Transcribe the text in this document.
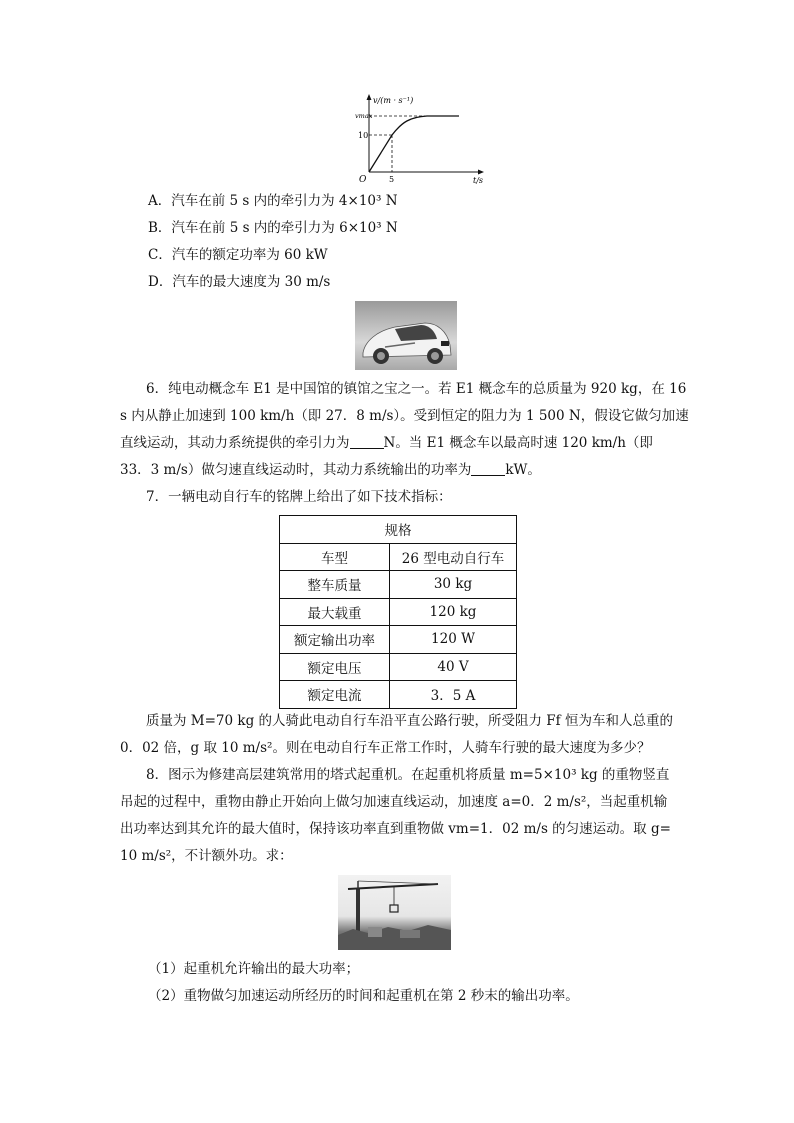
v/(m · s⁻¹)
vmax
10
5
O	t/s
A．汽车在前 5 s 内的牵引力为 4×10³ N
B．汽车在前 5 s 内的牵引力为 6×10³ N
C．汽车的额定功率为 60 kW
D．汽车的最大速度为 30 m/s
6．纯电动概念车 E1 是中国馆的镇馆之宝之一。若 E1 概念车的总质量为 920 kg，在 16
s 内从静止加速到 100 km/h（即 27．8 m/s）。受到恒定的阻力为 1 500 N，假设它做匀加速
直线运动，其动力系统提供的牵引力为	N。当 E1 概念车以最高时速 120 km/h（即
33．3 m/s）做匀速直线运动时，其动力系统输出的功率为	kW。
7．一辆电动自行车的铭牌上给出了如下技术指标：
规格	
车型	26 型电动自行车
整车质量	30 kg
最大载重	120 kg
额定输出功率	120 W
额定电压	40 V
额定电流	3．5 A
质量为 M=70 kg 的人骑此电动自行车沿平直公路行驶，所受阻力 Ff 恒为车和人总重的
0．02 倍，g 取 10 m/s²。则在电动自行车正常工作时，人骑车行驶的最大速度为多少？
8．图示为修建高层建筑常用的塔式起重机。在起重机将质量 m=5×10³ kg 的重物竖直
吊起的过程中，重物由静止开始向上做匀加速直线运动，加速度 a=0．2 m/s²，当起重机输
出功率达到其允许的最大值时，保持该功率直到重物做 vm=1．02 m/s 的匀速运动。取 g=
10 m/s²，不计额外功。求：
（1）起重机允许输出的最大功率；
（2）重物做匀加速运动所经历的时间和起重机在第 2 秒末的输出功率。
